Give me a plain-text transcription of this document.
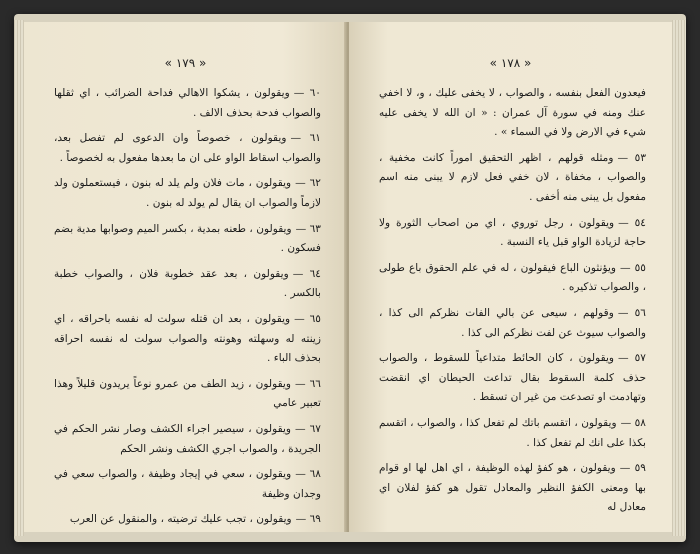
« ١٧٩ »

٦٠ —ويقولون ، يشكوا الاهالي فداحة الضرائب ، اي ثقلها والصواب فدحة بحذف الالف .

٦١ —ويقولون ، خصوصاً وان الدعوى لم تفصل بعد، والصواب اسقاط الواو على ان ما بعدها مفعول به لخصوصاً .

٦٢ —ويقولون ، مات فلان ولم يلد له بنون ، فيستعملون ولد لازماً والصواب ان يقال لم يولد له بنون .

٦٣ —ويقولون ، طعنه بمدية ، بكسر الميم وصوابها مدية بضم فسكون .

٦٤ —ويقولون ، بعد عقد خطوبة فلان ، والصواب خطبة بالكسر .

٦٥ —ويقولون ، بعد ان قتله سولت له نفسه باحراقه ، اي زينته له وسهلته وهونته والصواب سولت له نفسه احراقه بحذف الباء .

٦٦ —ويقولون ، زيد الطف من عمرو نوعاً يريدون قليلاً وهذا تعبير عامي

٦٧ —ويقولون ، سيصير اجراء الكشف وصار نشر الحكم في الجريدة ، والصواب اجري الكشف ونشر الحكم

٦٨ —ويقولون ، سعي في إيجاد وظيفة ، والصواب سعي في وجدان وظيفة

٦٩ —ويقولون ، تجب عليك ترضيته ، والمنقول عن العرب

« ١٧٨ »

فيعدون الفعل بنفسه ، والصواب ، لا يخفى عليك ، و، لا اخفي عنك ومنه في سورة آل عمران : « ان الله لا يخفى عليه شيء في الارض ولا في السماء » .

٥٣ —ومثله قولهم ، اظهر التحقيق اموراً كانت مخفية ، والصواب ، مخفاة ، لان خفي فعل لازم لا يبنى منه اسم مفعول بل يبنى منه أخفى .

٥٤ —ويقولون ، رجل توروي ، اي من اصحاب الثورة ولا حاجة لزيادة الواو قبل ياء النسبة .

٥٥ —ويؤنثون الباع فيقولون ، له في علم الحقوق باع طولى ، والصواب تذكيره .

٥٦ —وقولهم ، سيعى عن بالي الفات نظركم الى كذا ، والصواب سيوث عن لفت نظركم الى كذا .

٥٧ —ويقولون ، كان الحائط متداعياً للسقوط ، والصواب حذف كلمة السقوط بقال تداعت الحيطان اي انقضت وتهادمت او تصدعت من غير ان تسقط .

٥٨ —ويقولون ، اتقسم باتك لم تفعل كذا ، والصواب ، اتقسم بكذا على انك لم تفعل كذا .

٥٩ —ويقولون ، هو كفؤ لهذه الوظيفة ، اي اهل لها او قوام بها ومعنى الكفؤ النظير والمعادل تقول هو كفؤ لفلان اي معادل له
